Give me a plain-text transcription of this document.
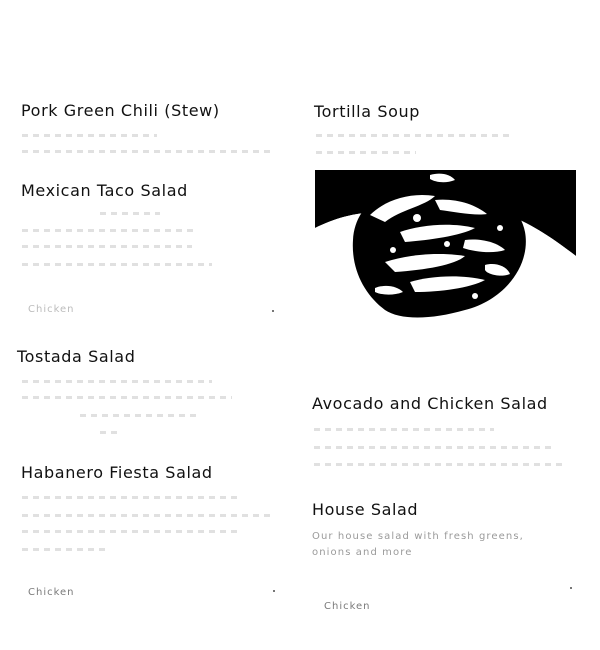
Pork Green Chili (Stew)
Mexican Taco Salad
Chicken
Tostada Salad
Habanero Fiesta Salad
Chicken
Tortilla Soup
Avocado and Chicken Salad
House Salad
Our house salad with fresh greens, onions and more
Chicken
